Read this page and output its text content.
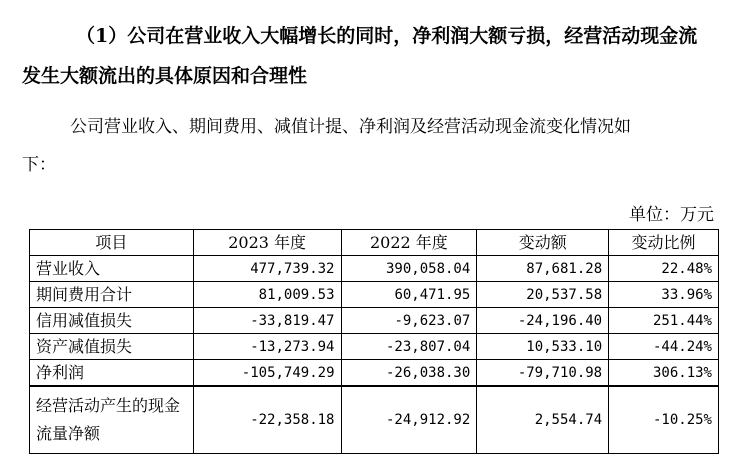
（1）公司在营业收入大幅增长的同时，净利润大额亏损，经营活动现金流
发生大额流出的具体原因和合理性
公司营业收入、期间费用、减值计提、净利润及经营活动现金流变化情况如
下：
单位：万元
项目	2023 年度	2022 年度	变动额	变动比例
营业收入	477,739.32	390,058.04	87,681.28	22.48%
期间费用合计	81,009.53	60,471.95	20,537.58	33.96%
信用减值损失	-33,819.47	-9,623.07	-24,196.40	251.44%
资产减值损失	-13,273.94	-23,807.04	10,533.10	-44.24%
净利润	-105,749.29	-26,038.30	-79,710.98	306.13%
经营活动产生的现金流量净额	-22,358.18	-24,912.92	2,554.74	-10.25%
